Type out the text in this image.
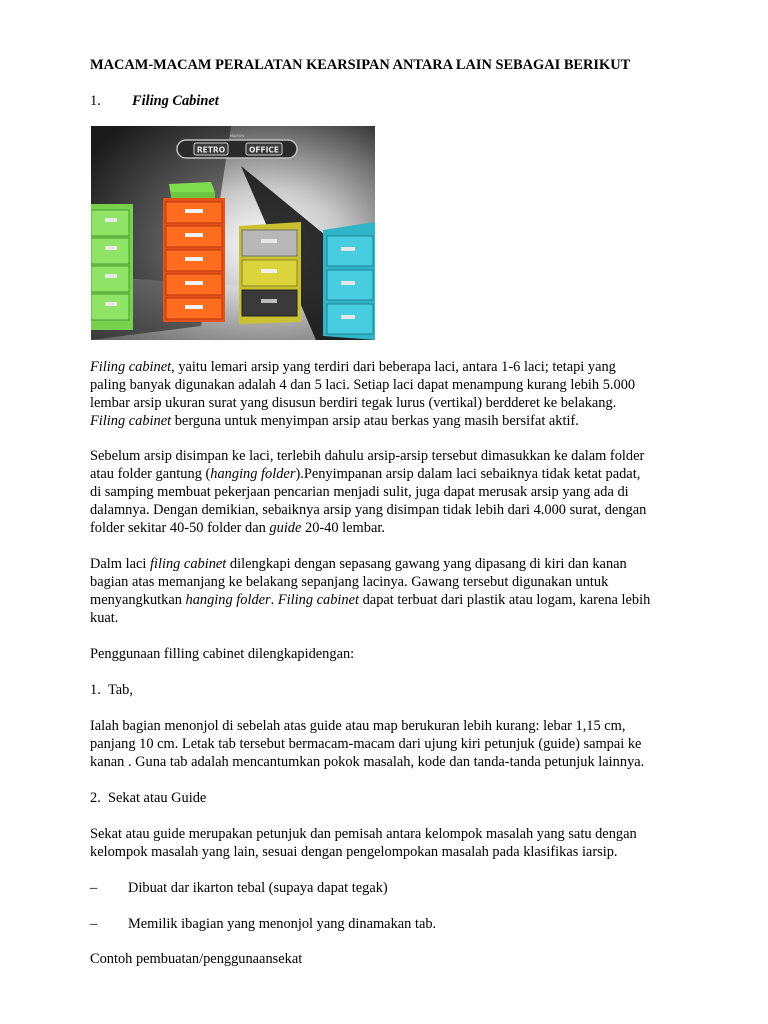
MACAM-MACAM PERALATAN KEARSIPAN ANTARA LAIN SEBAGAI BERIKUT

1. Filing Cabinet
RETRO	OFFICE
MAISON
Filing cabinet, yaitu lemari arsip yang terdiri dari beberapa laci, antara 1-6 laci; tetapi yang
paling banyak digunakan adalah 4 dan 5 laci. Setiap laci dapat menampung kurang lebih 5.000
lembar arsip ukuran surat yang disusun berdiri tegak lurus (vertikal) berdderet ke belakang.
Filing cabinet berguna untuk menyimpan arsip atau berkas yang masih bersifat aktif.
Sebelum arsip disimpan ke laci, terlebih dahulu arsip-arsip tersebut dimasukkan ke dalam folder
atau folder gantung (hanging folder).Penyimpanan arsip dalam laci sebaiknya tidak ketat padat,
di samping membuat pekerjaan pencarian menjadi sulit, juga dapat merusak arsip yang ada di
dalamnya. Dengan demikian, sebaiknya arsip yang disimpan tidak lebih dari 4.000 surat, dengan
folder sekitar 40-50 folder dan guide 20-40 lembar.
Dalm laci filing cabinet dilengkapi dengan sepasang gawang yang dipasang di kiri dan kanan
bagian atas memanjang ke belakang sepanjang lacinya. Gawang tersebut digunakan untuk
menyangkutkan hanging folder. Filing cabinet dapat terbuat dari plastik atau logam, karena lebih
kuat.

Penggunaan filling cabinet dilengkapidengan:

1.  Tab,

Ialah bagian menonjol di sebelah atas guide atau map berukuran lebih kurang: lebar 1,15 cm,
panjang 10 cm. Letak tab tersebut bermacam-macam dari ujung kiri petunjuk (guide) sampai ke
kanan . Guna tab adalah mencantumkan pokok masalah, kode dan tanda-tanda petunjuk lainnya.

2.  Sekat atau Guide

Sekat atau guide merupakan petunjuk dan pemisah antara kelompok masalah yang satu dengan
kelompok masalah yang lain, sesuai dengan pengelompokan masalah pada klasifikas iarsip.
– Dibuat dar ikarton tebal (supaya dapat tegak)
– Memilik ibagian yang menonjol yang dinamakan tab.

Contoh pembuatan/penggunaansekat
